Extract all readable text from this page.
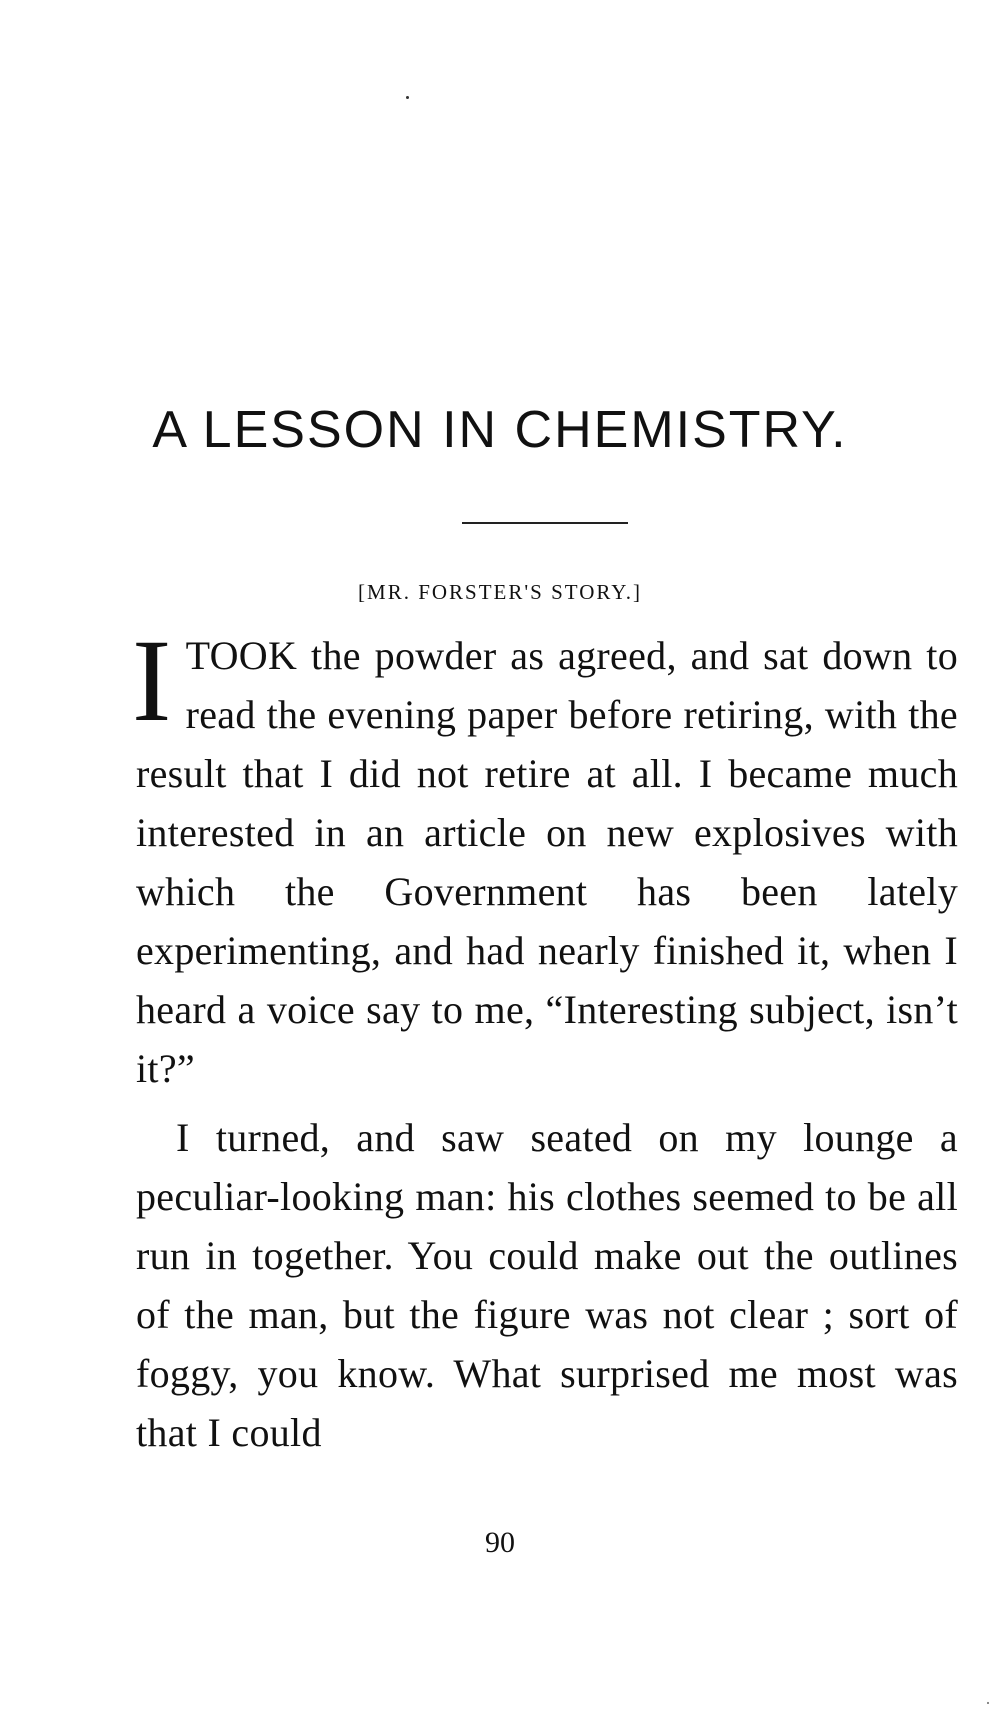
A LESSON IN CHEMISTRY.
[MR. FORSTER'S STORY.]

I TOOK the powder as agreed, and sat down to read the evening paper before retiring, with the result that I did not retire at all. I became much interested in an article on new explosives with which the Government has been lately experimenting, and had nearly finished it, when I heard a voice say to me, “Interesting subject, isn’t it?”

I turned, and saw seated on my lounge a peculiar-looking man: his clothes seemed to be all run in together. You could make out the outlines of the man, but the figure was not clear ; sort of foggy, you know. What surprised me most was that I could

90
·
